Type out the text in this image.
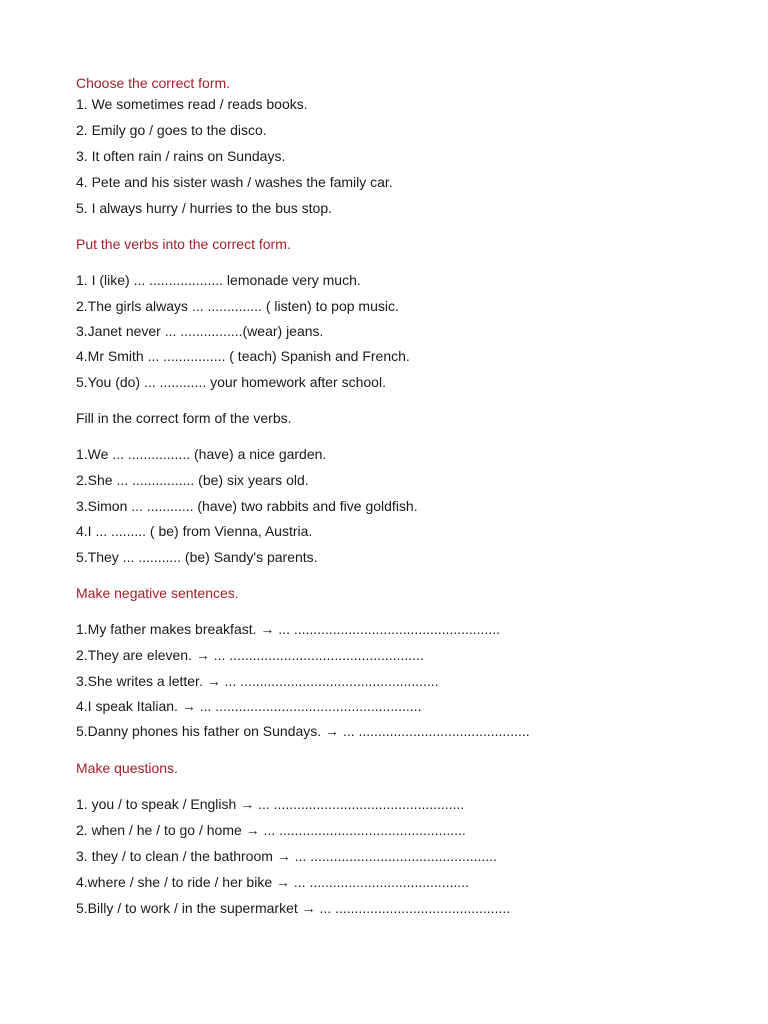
Choose the correct form.
1. We sometimes read / reads books.
2. Emily go / goes to the disco.
3. It often rain / rains on Sundays.
4. Pete and his sister wash / washes the family car.
5. I always hurry / hurries to the bus stop.
Put the verbs into the correct form.
1. I (like) ... ................... lemonade very much.
2.The girls always ... .............. ( listen) to pop music.
3.Janet never ... ................(wear) jeans.
4.Mr Smith ... ................ ( teach) Spanish and French.
5.You (do) ... ............ your homework after school.
Fill in the correct form of the verbs.
1.We ... ................ (have) a nice garden.
2.She ... ................ (be) six years old.
3.Simon ... ............ (have) two rabbits and five goldfish.
4.I ... ......... ( be) from Vienna, Austria.
5.They ... ........... (be) Sandy's parents.
Make negative sentences.
1.My father makes breakfast. → ... .....................................................
2.They are eleven. → ... ..................................................
3.She writes a letter. → ... ...................................................
4.I speak Italian. → ... .....................................................
5.Danny phones his father on Sundays. → ... ............................................
Make questions.
1. you / to speak / English → ... .................................................
2. when / he / to go / home → ... ................................................
3. they / to clean / the bathroom → ... ................................................
4.where / she / to ride / her bike → ... .........................................
5.Billy / to work / in the supermarket → ... .............................................
